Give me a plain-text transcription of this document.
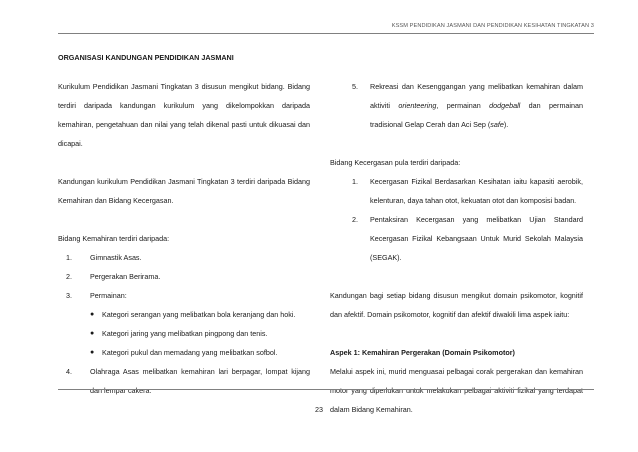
KSSM PENDIDIKAN JASMANI DAN PENDIDIKAN KESIHATAN TINGKATAN 3
ORGANISASI KANDUNGAN PENDIDIKAN JASMANI

Kurikulum Pendidikan Jasmani Tingkatan 3 disusun mengikut bidang. Bidang terdiri daripada kandungan kurikulum yang dikelompokkan daripada kemahiran, pengetahuan dan nilai yang telah dikenal pasti untuk dikuasai dan dicapai.

Kandungan kurikulum Pendidikan Jasmani Tingkatan 3 terdiri daripada Bidang Kemahiran dan Bidang Kecergasan.

Bidang Kemahiran terdiri daripada:

1.	Gimnastik Asas.
2.	Pergerakan Berirama.
3.	Permainan:
● Kategori serangan yang melibatkan bola keranjang dan hoki.
● Kategori jaring yang melibatkan pingpong dan tenis.
● Kategori pukul dan memadang yang melibatkan sofbol.
4.	Olahraga Asas melibatkan kemahiran lari berpagar, lompat kijang dan lempar cakera.
5. Rekreasi dan Kesenggangan yang melibatkan kemahiran dalam aktiviti orienteering, permainan dodgeball dan permainan tradisional Gelap Cerah dan Aci Sep (safe).

Bidang Kecergasan pula terdiri daripada:

1. Kecergasan Fizikal Berdasarkan Kesihatan iaitu kapasiti aerobik, kelenturan, daya tahan otot, kekuatan otot dan komposisi badan.
2. Pentaksiran Kecergasan yang melibatkan Ujian Standard Kecergasan Fizikal Kebangsaan Untuk Murid Sekolah Malaysia (SEGAK).

Kandungan bagi setiap bidang disusun mengikut domain psikomotor, kognitif dan afektif. Domain psikomotor, kognitif dan afektif diwakili lima aspek iaitu:

Aspek 1: Kemahiran Pergerakan (Domain Psikomotor)

Melalui aspek ini, murid menguasai pelbagai corak pergerakan dan kemahiran motor yang diperlukan untuk melakukan pelbagai aktiviti fizikal yang terdapat dalam Bidang Kemahiran.

23
